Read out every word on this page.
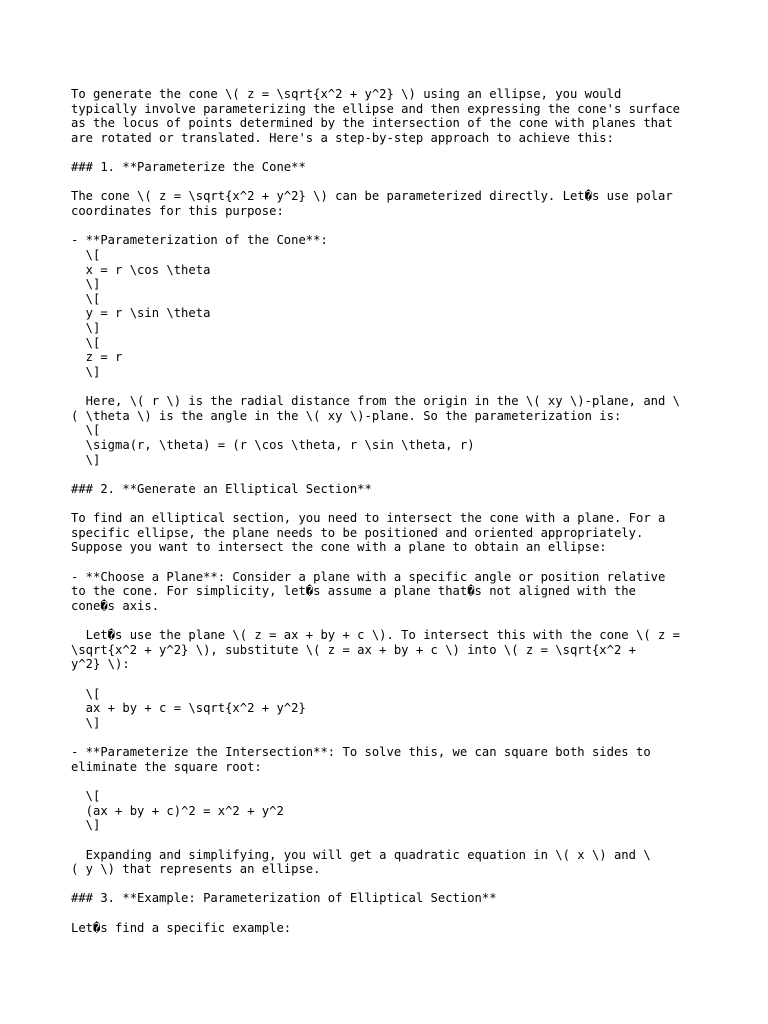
To generate the cone \( z = \sqrt{x^2 + y^2} \) using an ellipse, you would
typically involve parameterizing the ellipse and then expressing the cone's surface
as the locus of points determined by the intersection of the cone with planes that
are rotated or translated. Here's a step-by-step approach to achieve this:
### 1. **Parameterize the Cone**
The cone \( z = \sqrt{x^2 + y^2} \) can be parameterized directly. Let�s use polar
coordinates for this purpose:
- **Parameterization of the Cone**:
\[
x = r \cos \theta
\]
\[
y = r \sin \theta
\]
\[
z = r
\]
Here, \( r \) is the radial distance from the origin in the \( xy \)-plane, and \
( \theta \) is the angle in the \( xy \)-plane. So the parameterization is:
\[
\sigma(r, \theta) = (r \cos \theta, r \sin \theta, r)
\]
### 2. **Generate an Elliptical Section**
To find an elliptical section, you need to intersect the cone with a plane. For a
specific ellipse, the plane needs to be positioned and oriented appropriately.
Suppose you want to intersect the cone with a plane to obtain an ellipse:
- **Choose a Plane**: Consider a plane with a specific angle or position relative
to the cone. For simplicity, let�s assume a plane that�s not aligned with the
cone�s axis.
Let�s use the plane \( z = ax + by + c \). To intersect this with the cone \( z =
\sqrt{x^2 + y^2} \), substitute \( z = ax + by + c \) into \( z = \sqrt{x^2 +
y^2} \):
\[
ax + by + c = \sqrt{x^2 + y^2}
\]
- **Parameterize the Intersection**: To solve this, we can square both sides to
eliminate the square root:
\[
(ax + by + c)^2 = x^2 + y^2
\]
Expanding and simplifying, you will get a quadratic equation in \( x \) and \
( y \) that represents an ellipse.
### 3. **Example: Parameterization of Elliptical Section**
Let�s find a specific example:
